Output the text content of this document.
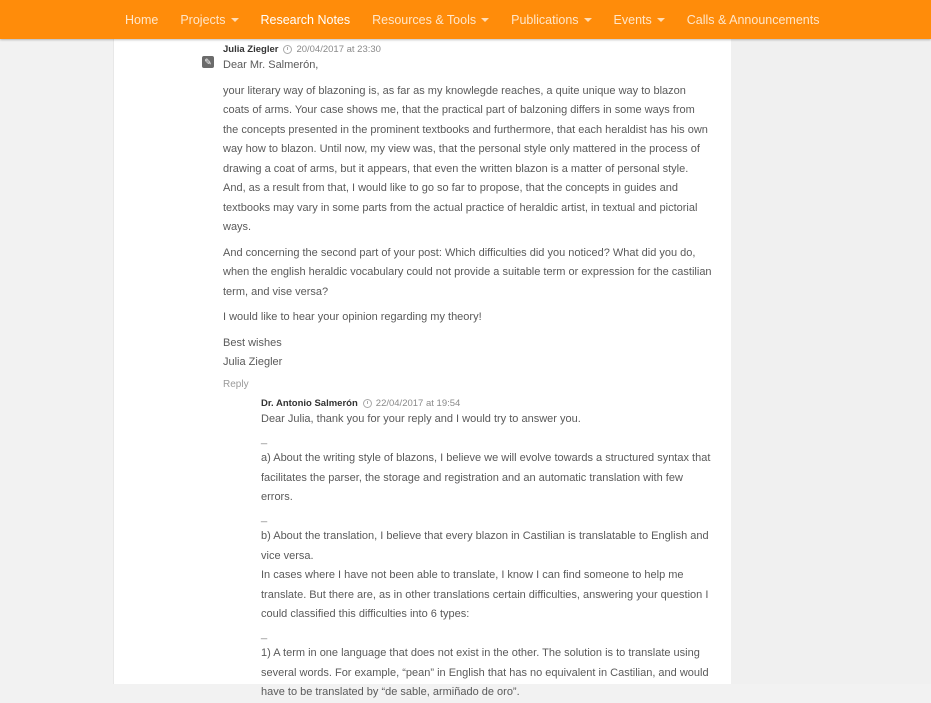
Home Projects	Research Notes Resources & Tools	Publications	Events	Calls & Announcements
✎
Julia Ziegler 20/04/2017 at 23:30

Dear Mr. Salmerón,

your literary way of blazoning is, as far as my knowlegde reaches, a quite unique way to blazon coats of arms. Your case shows me, that the practical part of balzoning differs in some ways from the concepts presented in the prominent textbooks and furthermore, that each heraldist has his own way how to blazon. Until now, my view was, that the personal style only mattered in the process of drawing a coat of arms, but it appears, that even the written blazon is a matter of personal style. And, as a result from that, I would like to go so far to propose, that the concepts in guides and textbooks may vary in some parts from the actual practice of heraldic artist, in textual and pictorial ways.

And concerning the second part of your post: Which difficulties did you noticed? What did you do, when the english heraldic vocabulary could not provide a suitable term or expression for the castilian term, and vise versa?

I would like to hear your opinion regarding my theory!

Best wishes

Julia Ziegler

Reply
Dr. Antonio Salmerón 22/04/2017 at 19:54

Dear Julia, thank you for your reply and I would try to answer you.

_

a) About the writing style of blazons, I believe we will evolve towards a structured syntax that facilitates the parser, the storage and registration and an automatic translation with few errors.

_

b) About the translation, I believe that every blazon in Castilian is translatable to English and vice versa.

In cases where I have not been able to translate, I know I can find someone to help me translate. But there are, as in other translations certain difficulties, answering your question I could classified this difficulties into 6 types:

_

1) A term in one language that does not exist in the other. The solution is to translate using several words. For example, “pean” in English that has no equivalent in Castilian, and would have to be translated by “de sable, armiñado de oro”.
